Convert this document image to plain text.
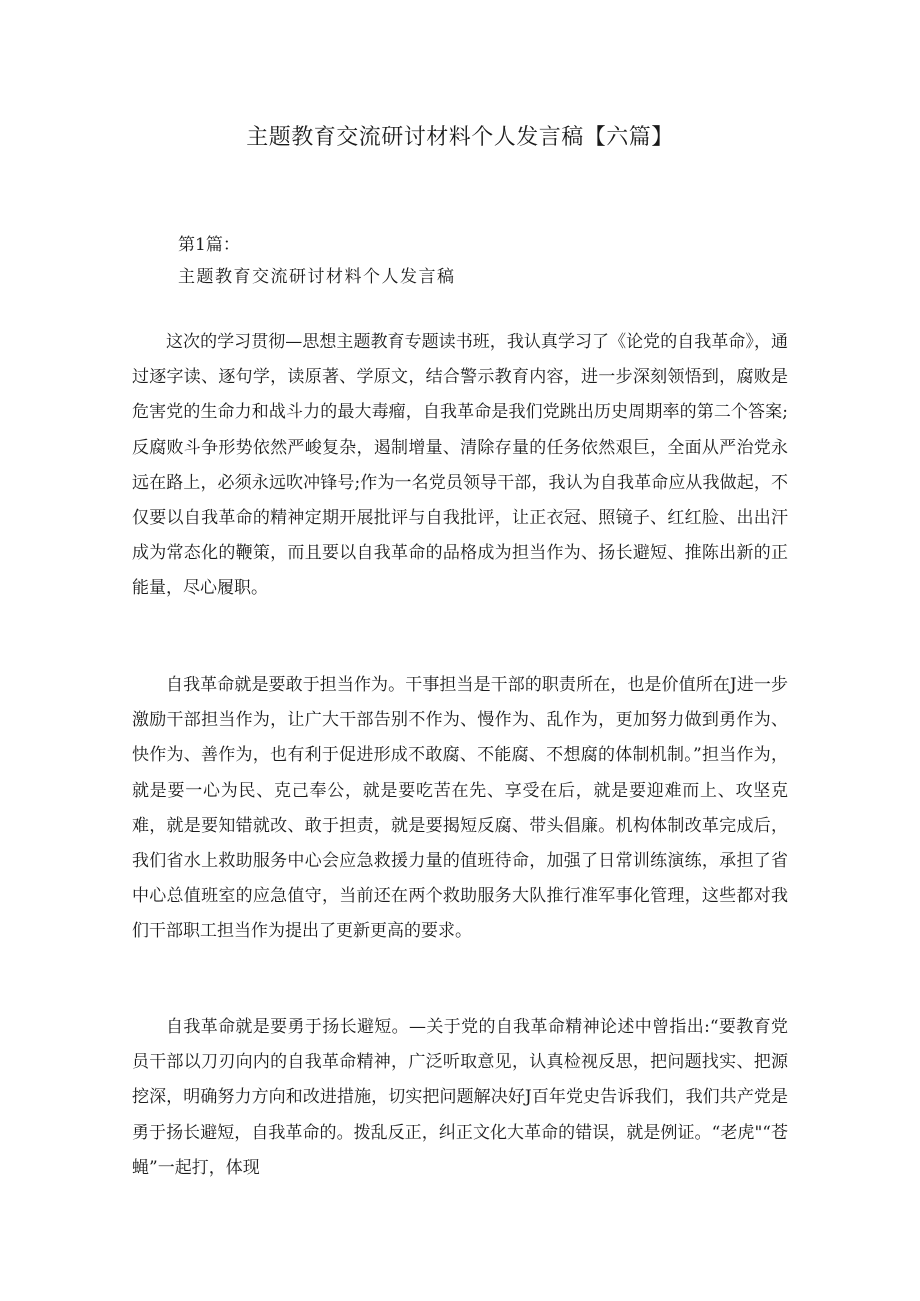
主题教育交流研讨材料个人发言稿【六篇】

第1篇：

主题教育交流研讨材料个人发言稿

这次的学习贯彻—思想主题教育专题读书班，我认真学习了《论党的自我革命》，通过逐字读、逐句学，读原著、学原文，结合警示教育内容，进一步深刻领悟到，腐败是危害党的生命力和战斗力的最大毒瘤，自我革命是我们党跳出历史周期率的第二个答案;反腐败斗争形势依然严峻复杂，遏制增量、清除存量的任务依然艰巨，全面从严治党永远在路上，必须永远吹冲锋号;作为一名党员领导干部，我认为自我革命应从我做起，不仅要以自我革命的精神定期开展批评与自我批评，让正衣冠、照镜子、红红脸、出出汗成为常态化的鞭策，而且要以自我革命的品格成为担当作为、扬长避短、推陈出新的正能量，尽心履职。

自我革命就是要敢于担当作为。干事担当是干部的职责所在，也是价值所在J进一步激励干部担当作为，让广大干部告别不作为、慢作为、乱作为，更加努力做到勇作为、快作为、善作为，也有利于促进形成不敢腐、不能腐、不想腐的体制机制。”担当作为，就是要一心为民、克己奉公，就是要吃苦在先、享受在后，就是要迎难而上、攻坚克难，就是要知错就改、敢于担责，就是要揭短反腐、带头倡廉。机构体制改革完成后，我们省水上救助服务中心会应急救援力量的值班待命，加强了日常训练演练，承担了省中心总值班室的应急值守，当前还在两个救助服务大队推行准军事化管理，这些都对我们干部职工担当作为提出了更新更高的要求。

自我革命就是要勇于扬长避短。—关于党的自我革命精神论述中曾指出:“要教育党员干部以刀刃向内的自我革命精神，广泛听取意见，认真检视反思，把问题找实、把源挖深，明确努力方向和改进措施，切实把问题解决好J百年党史告诉我们，我们共产党是勇于扬长避短，自我革命的。拨乱反正，纠正文化大革命的错误，就是例证。“老虎"“苍蝇”一起打，体现
